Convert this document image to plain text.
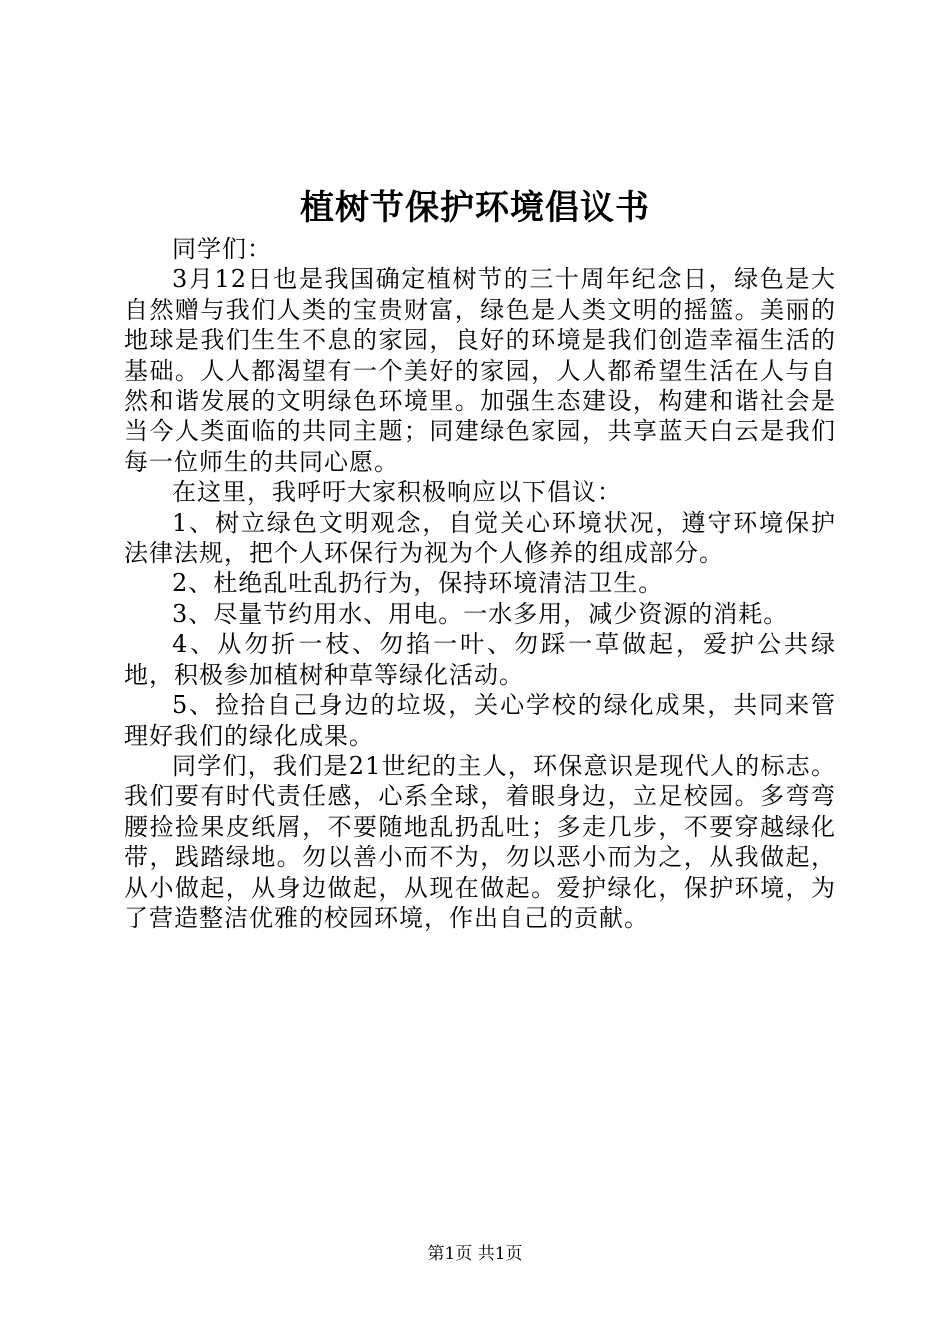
植树节保护环境倡议书

同学们：

3月12日也是我国确定植树节的三十周年纪念日，绿色是大自然赠与我们人类的宝贵财富，绿色是人类文明的摇篮。美丽的地球是我们生生不息的家园，良好的环境是我们创造幸福生活的基础。人人都渴望有一个美好的家园，人人都希望生活在人与自然和谐发展的文明绿色环境里。加强生态建设，构建和谐社会是当今人类面临的共同主题；同建绿色家园，共享蓝天白云是我们每一位师生的共同心愿。

在这里，我呼吁大家积极响应以下倡议：

1、树立绿色文明观念，自觉关心环境状况，遵守环境保护法律法规，把个人环保行为视为个人修养的组成部分。

2、杜绝乱吐乱扔行为，保持环境清洁卫生。

3、尽量节约用水、用电。一水多用，减少资源的消耗。

4、从勿折一枝、勿掐一叶、勿踩一草做起，爱护公共绿地，积极参加植树种草等绿化活动。

5、捡拾自己身边的垃圾，关心学校的绿化成果，共同来管理好我们的绿化成果。

同学们，我们是21世纪的主人，环保意识是现代人的标志。我们要有时代责任感，心系全球，着眼身边，立足校园。多弯弯腰捡捡果皮纸屑，不要随地乱扔乱吐；多走几步，不要穿越绿化带，践踏绿地。勿以善小而不为，勿以恶小而为之，从我做起，从小做起，从身边做起，从现在做起。爱护绿化，保护环境，为了营造整洁优雅的校园环境，作出自己的贡献。

第1页 共1页
